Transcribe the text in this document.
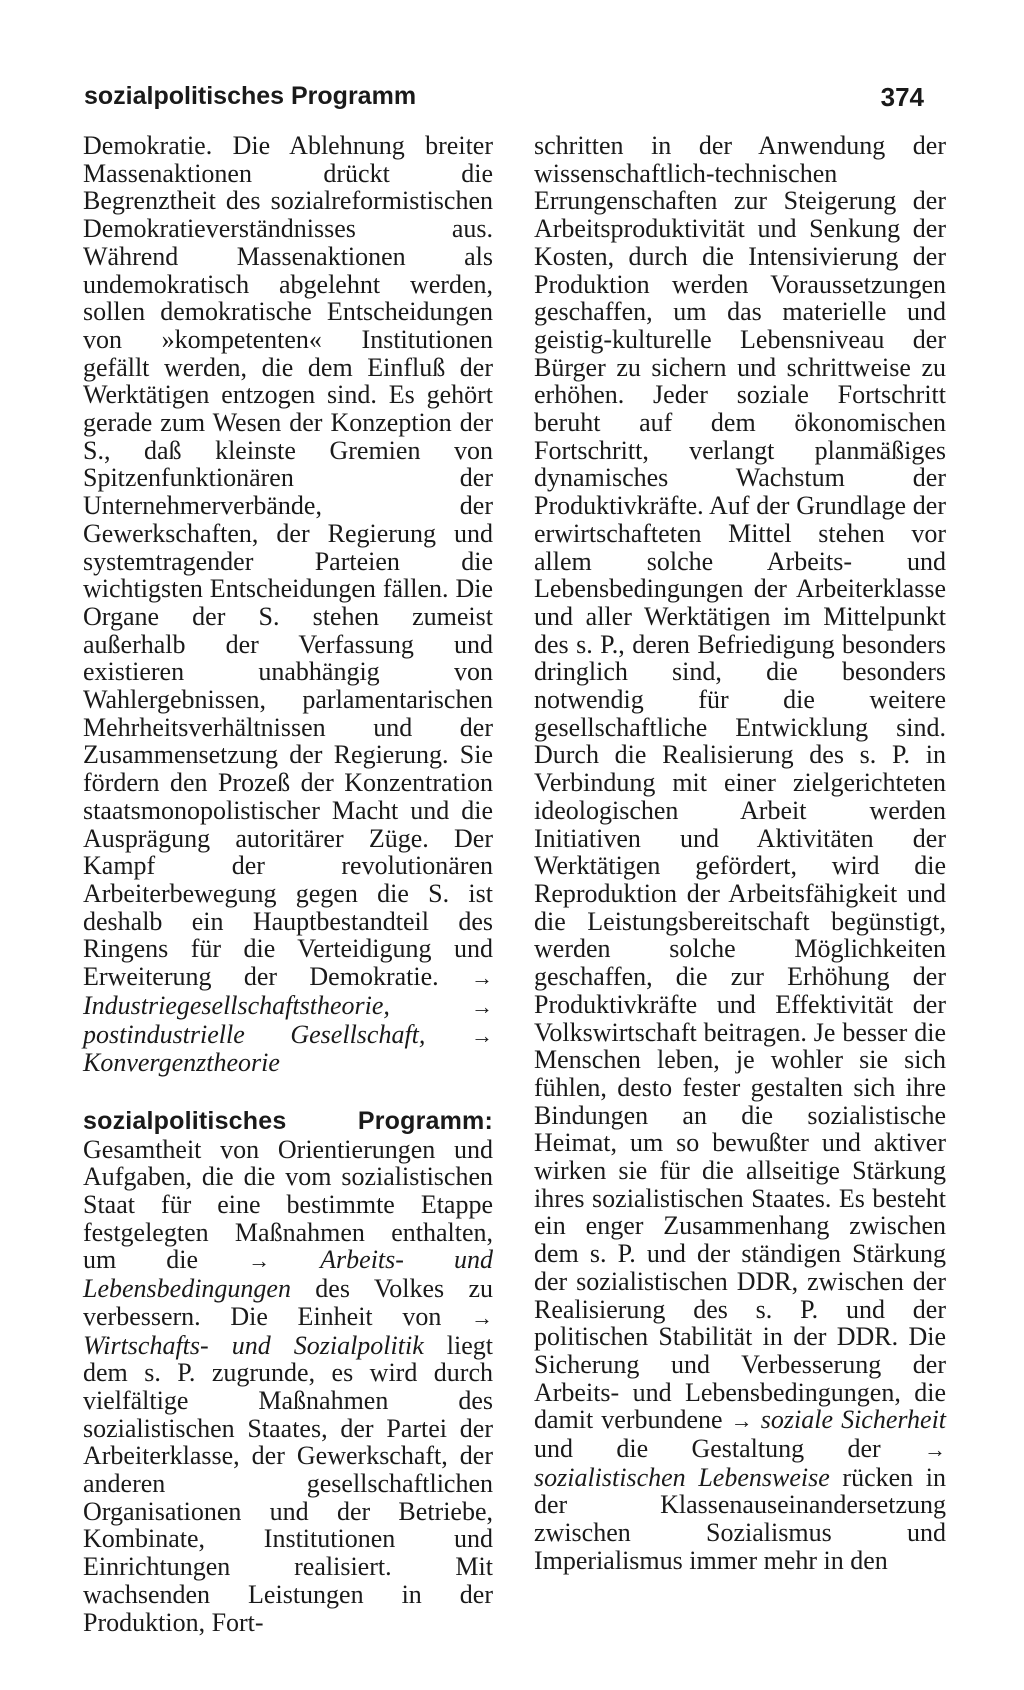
sozialpolitisches Programm	374

Demokratie. Die Ablehnung breiter Massenaktionen drückt die Begrenztheit des sozialreformistischen Demokratieverständnisses aus. Während Massenaktionen als undemokratisch abgelehnt werden, sollen demokratische Entscheidungen von »kompetenten« Institutionen gefällt werden, die dem Einfluß der Werktätigen entzogen sind. Es gehört gerade zum Wesen der Konzeption der S., daß kleinste Gremien von Spitzenfunktionären der Unternehmerverbände, der Gewerkschaften, der Regierung und systemtragender Parteien die wichtigsten Entscheidungen fällen. Die Organe der S. stehen zumeist außerhalb der Verfassung und existieren unabhängig von Wahlergebnissen, parlamentarischen Mehrheitsverhältnissen und der Zusammensetzung der Regierung. Sie fördern den Prozeß der Konzentration staatsmonopolistischer Macht und die Ausprägung autoritärer Züge. Der Kampf der revolutionären Arbeiterbewegung gegen die S. ist deshalb ein Hauptbestandteil des Ringens für die Verteidigung und Erweiterung der Demokratie. → Industriegesellschaftstheorie,	→ postindustrielle Gesellschaft, → Konvergenztheorie

sozialpolitisches Programm: Gesamtheit von Orientierungen und Aufgaben, die die vom sozialistischen Staat für eine bestimmte Etappe festgelegten Maßnahmen enthalten, um die → Arbeits- und Lebensbedingungen des Volkes zu verbessern. Die Einheit von → Wirtschafts- und Sozialpolitik liegt dem s. P. zugrunde, es wird durch vielfältige Maßnahmen des sozialistischen Staates, der Partei der Arbeiterklasse, der Gewerkschaft, der anderen gesellschaftlichen Organisationen und der Betriebe, Kombinate, Institutionen und Einrichtungen realisiert. Mit wachsenden Leistungen in der Produktion, Fort-

schritten in der Anwendung der wissenschaftlich-technischen Errungenschaften zur Steigerung der Arbeitsproduktivität und Senkung der Kosten, durch die Intensivierung der Produktion werden Voraussetzungen geschaffen, um das materielle und geistig-kulturelle Lebensniveau der Bürger zu sichern und schrittweise zu erhöhen. Jeder soziale Fortschritt beruht auf dem ökonomischen Fortschritt, verlangt planmäßiges dynamisches Wachstum der Produktivkräfte. Auf der Grundlage der erwirtschafteten Mittel stehen vor allem solche Arbeits- und Lebensbedingungen der Arbeiterklasse und aller Werktätigen im Mittelpunkt des s. P., deren Befriedigung besonders dringlich sind, die besonders notwendig für die weitere gesellschaftliche Entwicklung sind. Durch die Realisierung des s. P. in Verbindung mit einer zielgerichteten ideologischen Arbeit werden Initiativen und Aktivitäten der Werktätigen gefördert, wird die Reproduktion der Arbeitsfähigkeit und die Leistungsbereitschaft begünstigt, werden solche Möglichkeiten geschaffen, die zur Erhöhung der Produktivkräfte und Effektivität der Volkswirtschaft beitragen. Je besser die Menschen leben, je wohler sie sich fühlen, desto fester gestalten sich ihre Bindungen an die sozialistische Heimat, um so bewußter und aktiver wirken sie für die allseitige Stärkung ihres sozialistischen Staates. Es besteht ein enger Zusammenhang zwischen dem s. P. und der ständigen Stärkung der sozialistischen DDR, zwischen der Realisierung des s. P. und der politischen Stabilität in der DDR. Die Sicherung und Verbesserung der Arbeits- und Lebensbedingungen, die damit verbundene → soziale Sicherheit und die Gestaltung der → sozialistischen Lebensweise rücken in der Klassenauseinandersetzung zwischen Sozialismus und Imperialismus immer mehr in den
